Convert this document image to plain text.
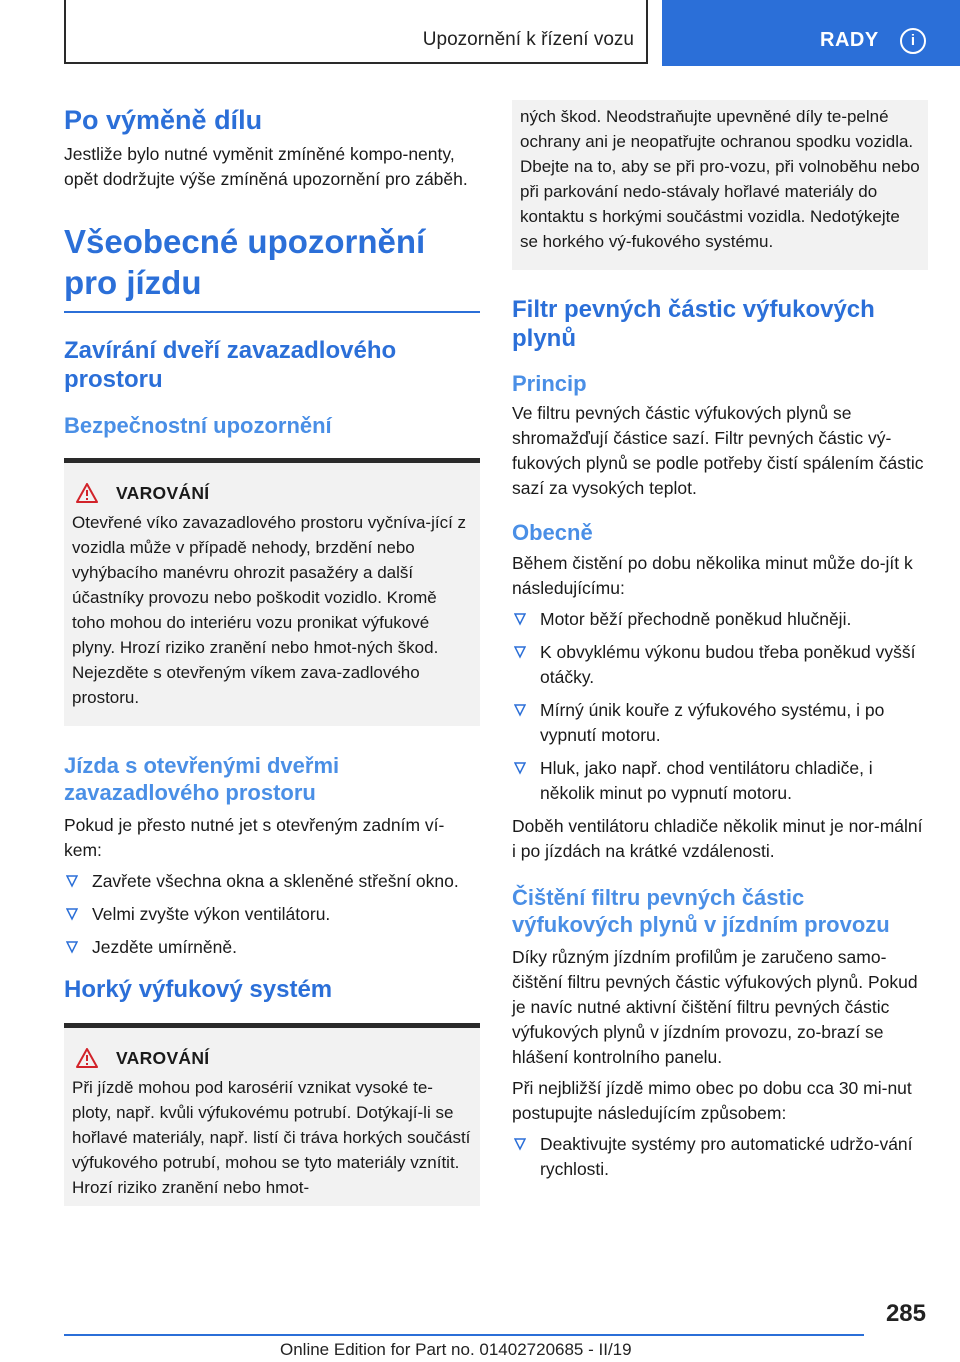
Upozornění k řízení vozu	RADY	i
Po výměně dílu

Jestliže bylo nutné vyměnit zmíněné kompo-nenty, opět dodržujte výše zmíněná upozornění pro záběh.

Všeobecné upozornění pro jízdu
Zavírání dveří zavazadlového prostoru
Bezpečnostní upozornění
VAROVÁNÍ

Otevřené víko zavazadlového prostoru vyčníva-jící z vozidla může v případě nehody, brzdění nebo vyhýbacího manévru ohrozit pasažéry a další účastníky provozu nebo poškodit vozidlo. Kromě toho mohou do interiéru vozu pronikat výfukové plyny. Hrozí riziko zranění nebo hmot-ných škod. Nejezděte s otevřeným víkem zava-zadlového prostoru.

Jízda s otevřenými dveřmi zavazadlového prostoru

Pokud je přesto nutné jet s otevřeným zadním ví-kem:

Zavřete všechna okna a skleněné střešní okno.
Velmi zvyšte výkon ventilátoru.
Jezděte umírněně.
Horký výfukový systém
VAROVÁNÍ

Při jízdě mohou pod karosérií vznikat vysoké te-ploty, např. kvůli výfukovému potrubí. Dotýkají-li se hořlavé materiály, např. listí či tráva horkých součástí výfukového potrubí, mohou se tyto materiály vznítit. Hrozí riziko zranění nebo hmot-

ných škod. Neodstraňujte upevněné díly te-pelné ochrany ani je neopatřujte ochranou spodku vozidla. Dbejte na to, aby se při pro-vozu, při volnoběhu nebo při parkování nedo-stávaly hořlavé materiály do kontaktu s horkými součástmi vozidla. Nedotýkejte se horkého vý-fukového systému.

Filtr pevných částic výfukových plynů
Princip

Ve filtru pevných částic výfukových plynů se shromažďují částice sazí. Filtr pevných částic vý-fukových plynů se podle potřeby čistí spálením částic sazí za vysokých teplot.

Obecně

Během čistění po dobu několika minut může do-jít k následujícímu:

Motor běží přechodně poněkud hlučněji.
K obvyklému výkonu budou třeba poněkud vyšší otáčky.
Mírný únik kouře z výfukového systému, i po vypnutí motoru.
Hluk, jako např. chod ventilátoru chladiče, i několik minut po vypnutí motoru.

Doběh ventilátoru chladiče několik minut je nor-mální i po jízdách na krátké vzdálenosti.

Čištění filtru pevných částic výfukových plynů v jízdním provozu

Díky různým jízdním profilům je zaručeno samo-čištění filtru pevných částic výfukových plynů. Pokud je navíc nutné aktivní čištění filtru pevných částic výfukových plynů v jízdním provozu, zo-brazí se hlášení kontrolního panelu.

Při nejbližší jízdě mimo obec po dobu cca 30 mi-nut postupujte následujícím způsobem:

Deaktivujte systémy pro automatické udržo-vání rychlosti.
285
Online Edition for Part no. 01402720685 - II/19
